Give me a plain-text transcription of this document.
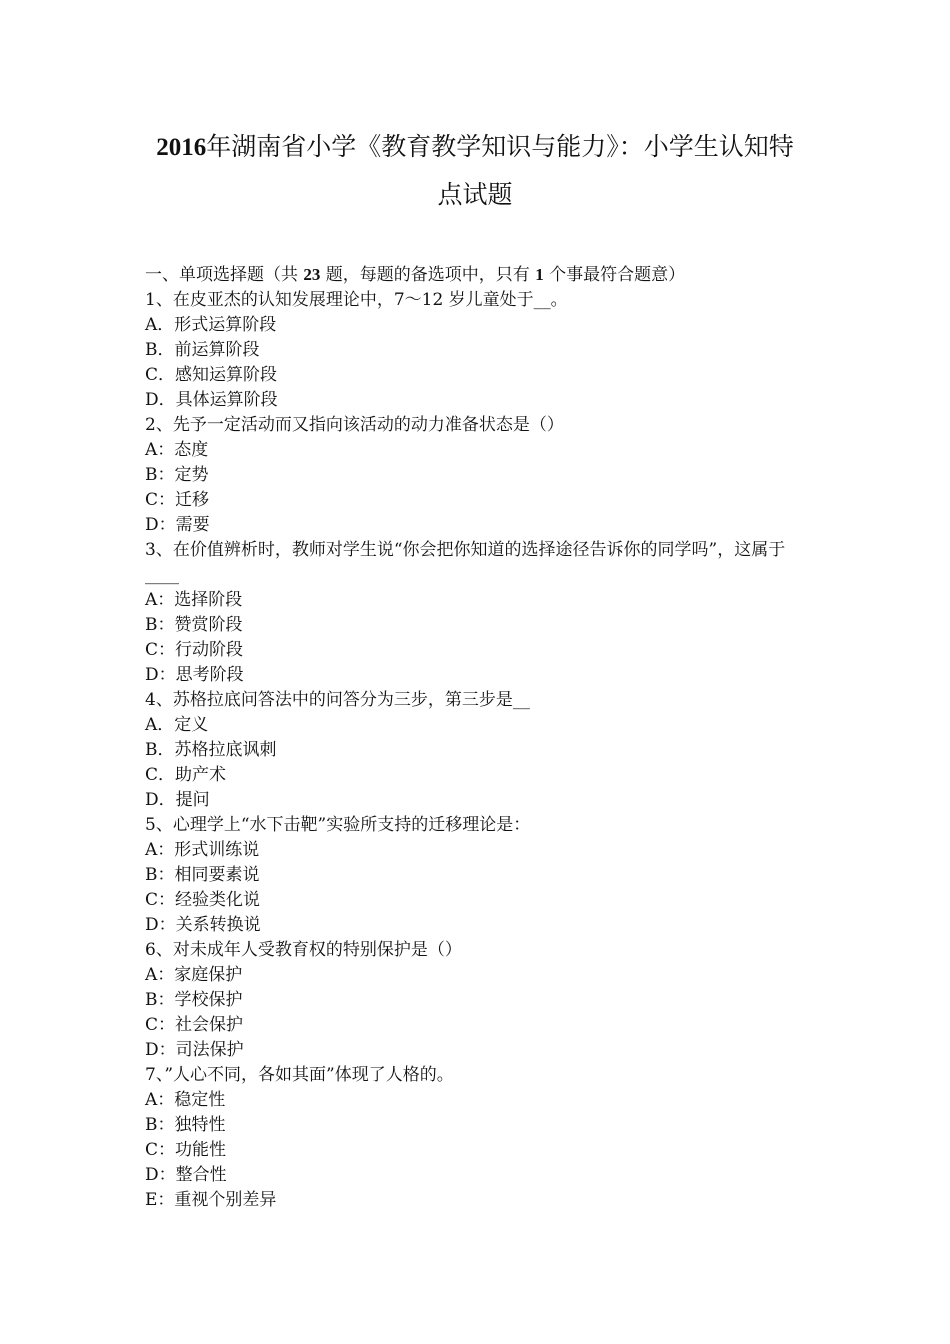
2016年湖南省小学《教育教学知识与能力》：小学生认知特
点试题
一、单项选择题（共 23 题，每题的备选项中，只有 1 个事最符合题意）
1、在皮亚杰的认知发展理论中，7～12 岁儿童处于__。
A．形式运算阶段
B．前运算阶段
C．感知运算阶段
D．具体运算阶段
2、先予一定活动而又指向该活动的动力准备状态是（）
A：态度
B：定势
C：迁移
D：需要
3、在价值辨析时，教师对学生说“你会把你知道的选择途径告诉你的同学吗”，这属于____
A：选择阶段
B：赞赏阶段
C：行动阶段
D：思考阶段
4、苏格拉底问答法中的问答分为三步，第三步是__
A．定义
B．苏格拉底讽刺
C．助产术
D．提问
5、心理学上“水下击靶”实验所支持的迁移理论是：
A：形式训练说
B：相同要素说
C：经验类化说
D：关系转换说
6、对未成年人受教育权的特别保护是（）
A：家庭保护
B：学校保护
C：社会保护
D：司法保护
7、”人心不同，各如其面”体现了人格的。
A：稳定性
B：独特性
C：功能性
D：整合性
E：重视个别差异
